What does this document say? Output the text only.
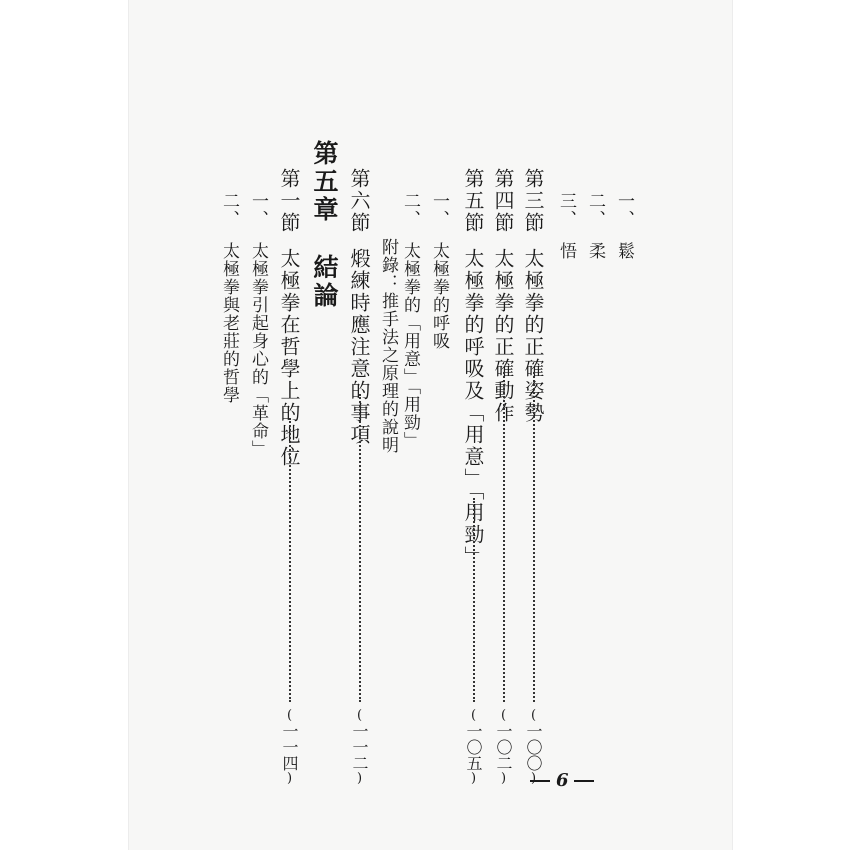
一、鬆
二、柔
三、悟
第三節太極拳的正確姿勢
(一〇〇)
第四節太極拳的正確動作
(一〇二)
第五節太極拳的呼吸及「用意」「用勁」
(一〇五)
一、太極拳的呼吸
二、太極拳的「用意」「用勁」
附錄：推手法之原理的說明
第六節煅練時應注意的事項
(一一二)
第五章結論
第一節太極拳在哲學上的地位
(一一四)
一、太極拳引起身心的「革命」
二、太極拳與老莊的哲學
6
